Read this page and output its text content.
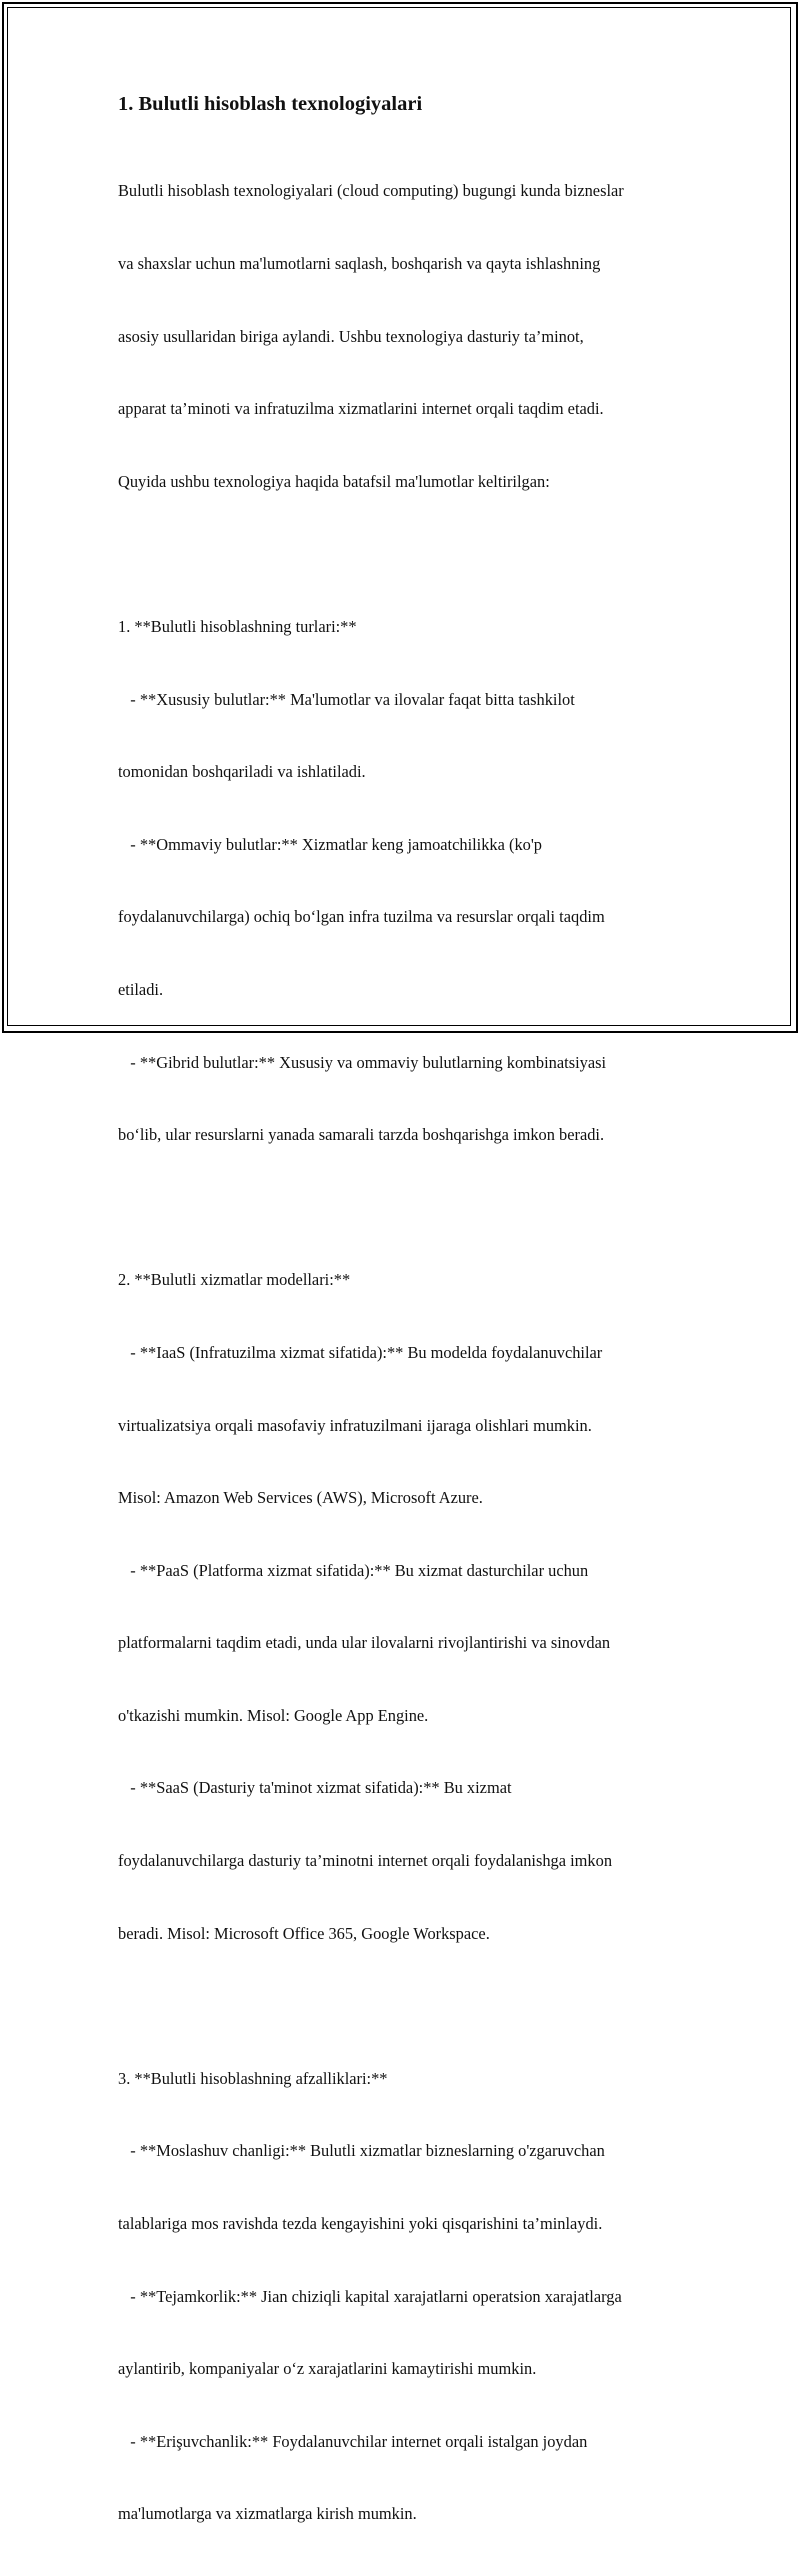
1. Bulutli hisoblash texnologiyalari

Bulutli hisoblash texnologiyalari (cloud computing) bugungi kunda bizneslar

va shaxslar uchun ma'lumotlarni saqlash, boshqarish va qayta ishlashning

asosiy usullaridan biriga aylandi. Ushbu texnologiya dasturiy ta’minot,

apparat ta’minoti va infratuzilma xizmatlarini internet orqali taqdim etadi.

Quyida ushbu texnologiya haqida batafsil ma'lumotlar keltirilgan:

1. **Bulutli hisoblashning turlari:**

- **Xususiy bulutlar:** Ma'lumotlar va ilovalar faqat bitta tashkilot

tomonidan boshqariladi va ishlatiladi.

- **Ommaviy bulutlar:** Xizmatlar keng jamoatchilikka (ko'p

foydalanuvchilarga) ochiq bo‘lgan infra tuzilma va resurslar orqali taqdim

etiladi.

- **Gibrid bulutlar:** Xususiy va ommaviy bulutlarning kombinatsiyasi

bo‘lib, ular resurslarni yanada samarali tarzda boshqarishga imkon beradi.

2. **Bulutli xizmatlar modellari:**

- **IaaS (Infratuzilma xizmat sifatida):** Bu modelda foydalanuvchilar

virtualizatsiya orqali masofaviy infratuzilmani ijaraga olishlari mumkin.

Misol: Amazon Web Services (AWS), Microsoft Azure.

- **PaaS (Platforma xizmat sifatida):** Bu xizmat dasturchilar uchun

platformalarni taqdim etadi, unda ular ilovalarni rivojlantirishi va sinovdan

o'tkazishi mumkin. Misol: Google App Engine.

- **SaaS (Dasturiy ta'minot xizmat sifatida):** Bu xizmat

foydalanuvchilarga dasturiy ta’minotni internet orqali foydalanishga imkon

beradi. Misol: Microsoft Office 365, Google Workspace.

3. **Bulutli hisoblashning afzalliklari:**

- **Moslashuv chanligi:** Bulutli xizmatlar bizneslarning o'zgaruvchan

talablariga mos ravishda tezda kengayishini yoki qisqarishini ta’minlaydi.

- **Tejamkorlik:** Jian chiziqli kapital xarajatlarni operatsion xarajatlarga

aylantirib, kompaniyalar o‘z xarajatlarini kamaytirishi mumkin.

- **Erişuvchanlik:** Foydalanuvchilar internet orqali istalgan joydan

ma'lumotlarga va xizmatlarga kirish mumkin.
